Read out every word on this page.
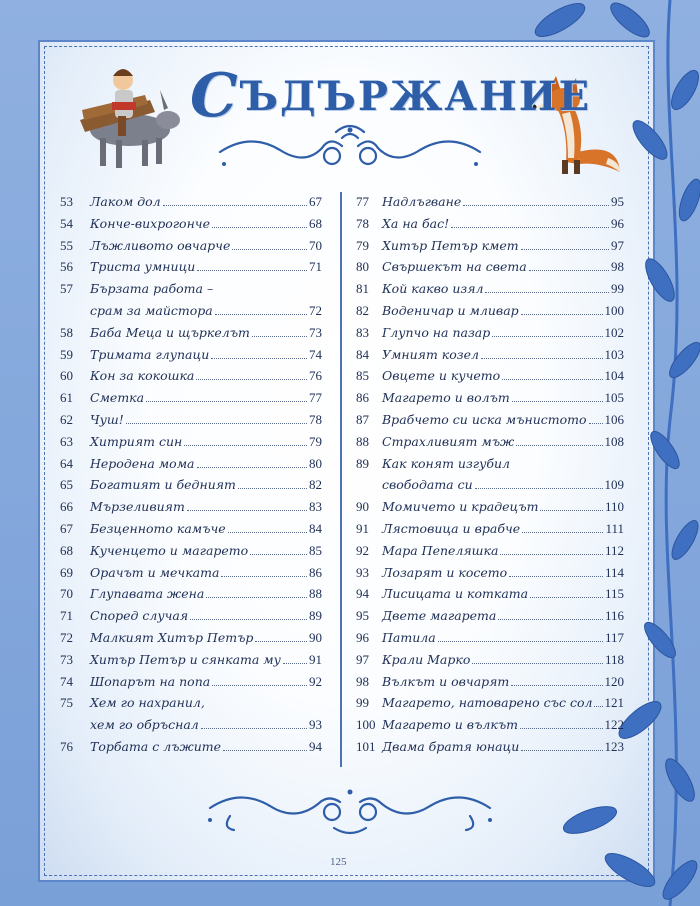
СЪДЪРЖАНИЕ
53 Лаком дол	67
54 Конче-вихрогонче	68
55 Лъжливото овчарче	70
56 Триста умници	71
57 Бързата работа –
срам за майстора	72
58 Баба Меца и щъркелът	73
59 Тримата глупаци	74
60 Кон за кокошка	76
61 Сметка	77
62 Чуш!	78
63 Хитрият син	79
64 Неродена мома	80
65 Богатият и бедният	82
66 Мързеливият	83
67 Безценното камъче	84
68 Кученцето и магарето	85
69 Орачът и мечката	86
70 Глупавата жена	88
71 Според случая	89
72 Малкият Хитър Петър	90
73 Хитър Петър и сянката му 91
74 Шопарът на попа	92
75 Хем го нахранил,
хем го обръснал	93
76 Торбата с лъжите	94
77 Надлъгване	95
78 Ха на бас!	96
79 Хитър Петър кмет	97
80 Свършекът на света	98
81 Кой какво изял	99
82 Воденичар и мливар	100
83 Глупчо на пазар	102
84 Умният козел	103
85 Овцете и кучето	104
86 Магарето и волът	105
87 Врабчето си иска мънистото 106
88 Страхливият мъж	108
89 Как конят изгубил
свободата си	109
90 Момичето и крадецът	110
91 Лястовица и врабче	111
92 Мара Пепеляшка	112
93 Лозарят и косето	114
94 Лисицата и котката	115
95 Двете магарета	116
96 Патила	117
97 Крали Марко	118
98 Вълкът и овчарят	120
99 Магарето, натоварено със сол 121
100 Магарето и вълкът	122
101 Двама братя юнаци	123
125
